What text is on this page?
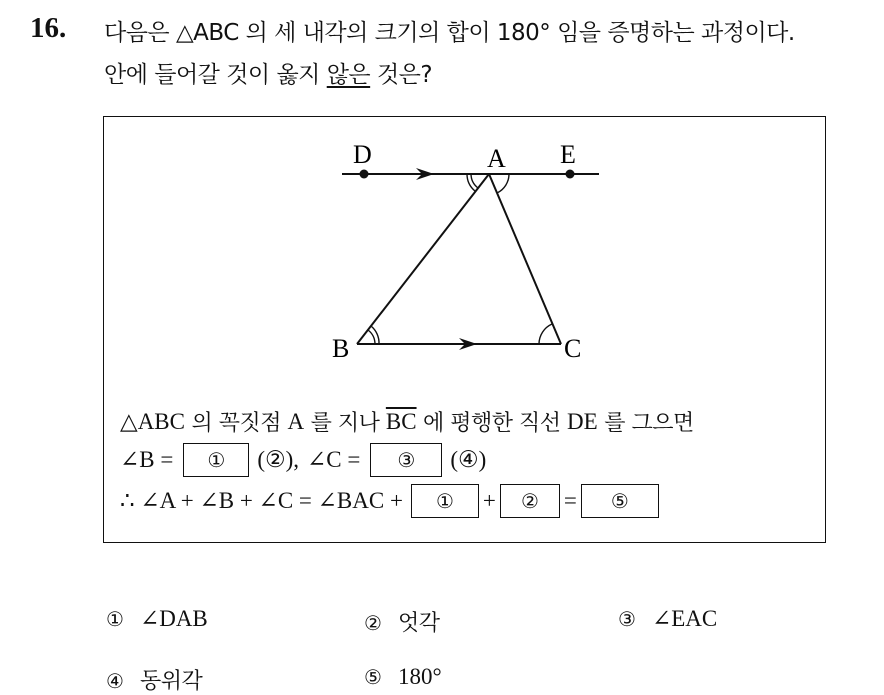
16. 다음은 △ABC 의 세 내각의 크기의 합이 180° 임을 증명하는 과정이다.
안에 들어갈 것이 옳지 않은 것은?
D	A E
B	C
△ABC 의 꼭짓점 A 를 지나 $\overline{BC}$ 에 평행한 직선 DE 를 그으면
∠B =	①	(②), ∠C =	③	(④)
∴ ∠A + ∠B + ∠C = ∠BAC +	①	+	②	=	⑤
① ∠DAB	② 엇각	③ ∠EAC
④ 동위각	⑤ 180°
